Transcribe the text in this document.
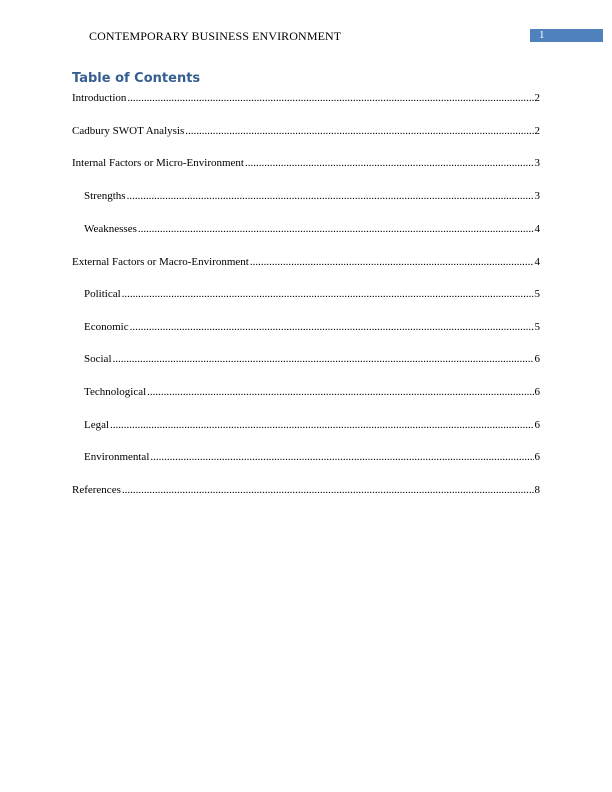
CONTEMPORARY BUSINESS ENVIRONMENT	1
Table of Contents
Introduction .....	2
Cadbury SWOT Analysis .....	2
Internal Factors or Micro-Environment .....	3
Strengths .....	3
Weaknesses .....	4
External Factors or Macro-Environment .....	4
Political .....	5
Economic .....	5
Social .....	6
Technological .....	6
Legal .....	6
Environmental .....	6
References .....	8
